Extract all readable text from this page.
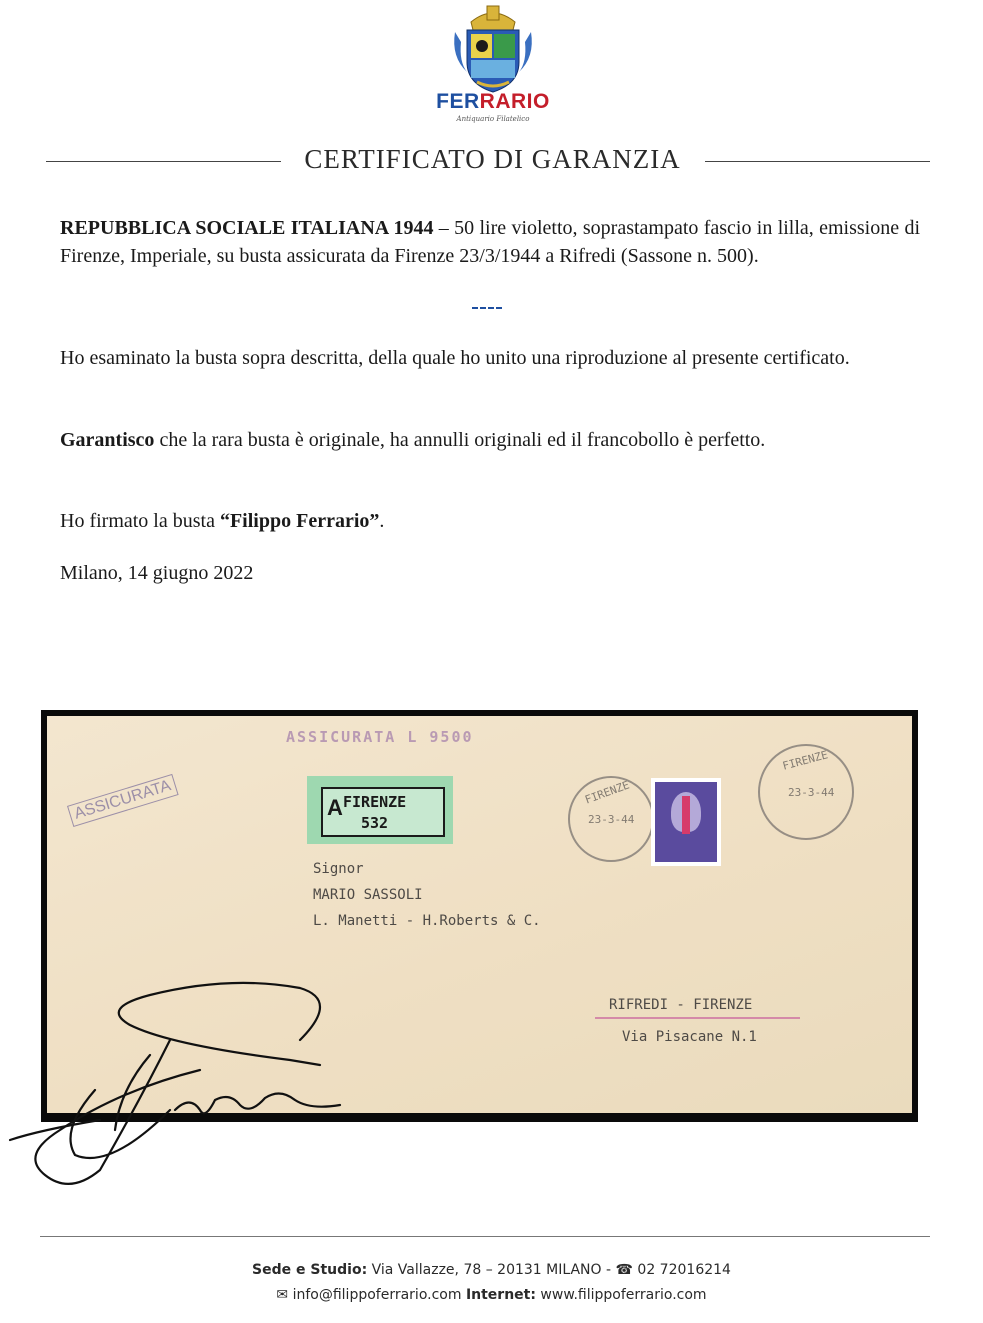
FERRARIO
Antiquario Filatelico
CERTIFICATO DI GARANZIA

REPUBBLICA SOCIALE ITALIANA 1944 – 50 lire violetto, soprastampato fascio in lilla, emissione di Firenze, Imperiale, su busta assicurata da Firenze 23/3/1944 a Rifredi (Sassone n. 500).

Ho esaminato la busta sopra descritta, della quale ho unito una riproduzione al presente certificato.

Garantisco che la rara busta è originale, ha annulli originali ed il francobollo è perfetto.

Ho firmato la busta “Filippo Ferrario”.

Milano, 14 giugno 2022

ASSICURATA L 9500
ASSICURATA	A FIRENZE
532
FIRENZE
23-3-44
FIRENZE
23-3-44
Signor
MARIO SASSOLI
L. Manetti - H.Roberts & C.
RIFREDI - FIRENZE
Via Pisacane N.1
Sede e Studio: Via Vallazze, 78 – 20131 MILANO - ☎ 02 72016214
✉ info@filippoferrario.com Internet: www.filippoferrario.com
